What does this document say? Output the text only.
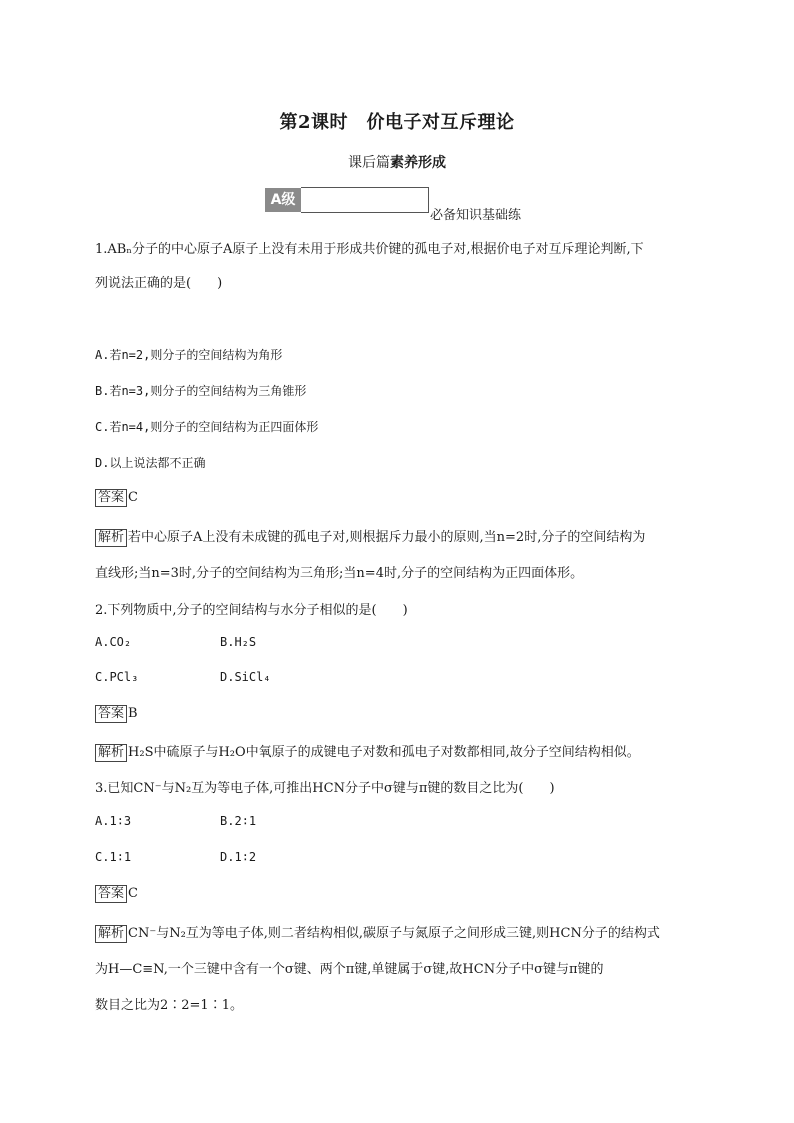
第2课时　价电子对互斥理论
课后篇素养形成
A级
必备知识基础练
1.ABₙ分子的中心原子A原子上没有未用于形成共价键的孤电子对,根据价电子对互斥理论判断,下
列说法正确的是(　　)
A.若n=2,则分子的空间结构为角形
B.若n=3,则分子的空间结构为三角锥形
C.若n=4,则分子的空间结构为正四面体形
D.以上说法都不正确
答案 C
解析 若中心原子A上没有未成键的孤电子对,则根据斥力最小的原则,当n=2时,分子的空间结构为
直线形;当n=3时,分子的空间结构为三角形;当n=4时,分子的空间结构为正四面体形。
2.下列物质中,分子的空间结构与水分子相似的是(　　)
A.CO₂	B.H₂S
C.PCl₃	D.SiCl₄
答案 B
解析 H₂S中硫原子与H₂O中氧原子的成键电子对数和孤电子对数都相同,故分子空间结构相似。
3.已知CN⁻与N₂互为等电子体,可推出HCN分子中σ键与π键的数目之比为(　　)
A.1∶3	B.2∶1
C.1∶1	D.1∶2
答案 C
解析 CN⁻与N₂互为等电子体,则二者结构相似,碳原子与氮原子之间形成三键,则HCN分子的结构式
为H—C≡N,一个三键中含有一个σ键、两个π键,单键属于σ键,故HCN分子中σ键与π键的
数目之比为2∶2=1∶1。
